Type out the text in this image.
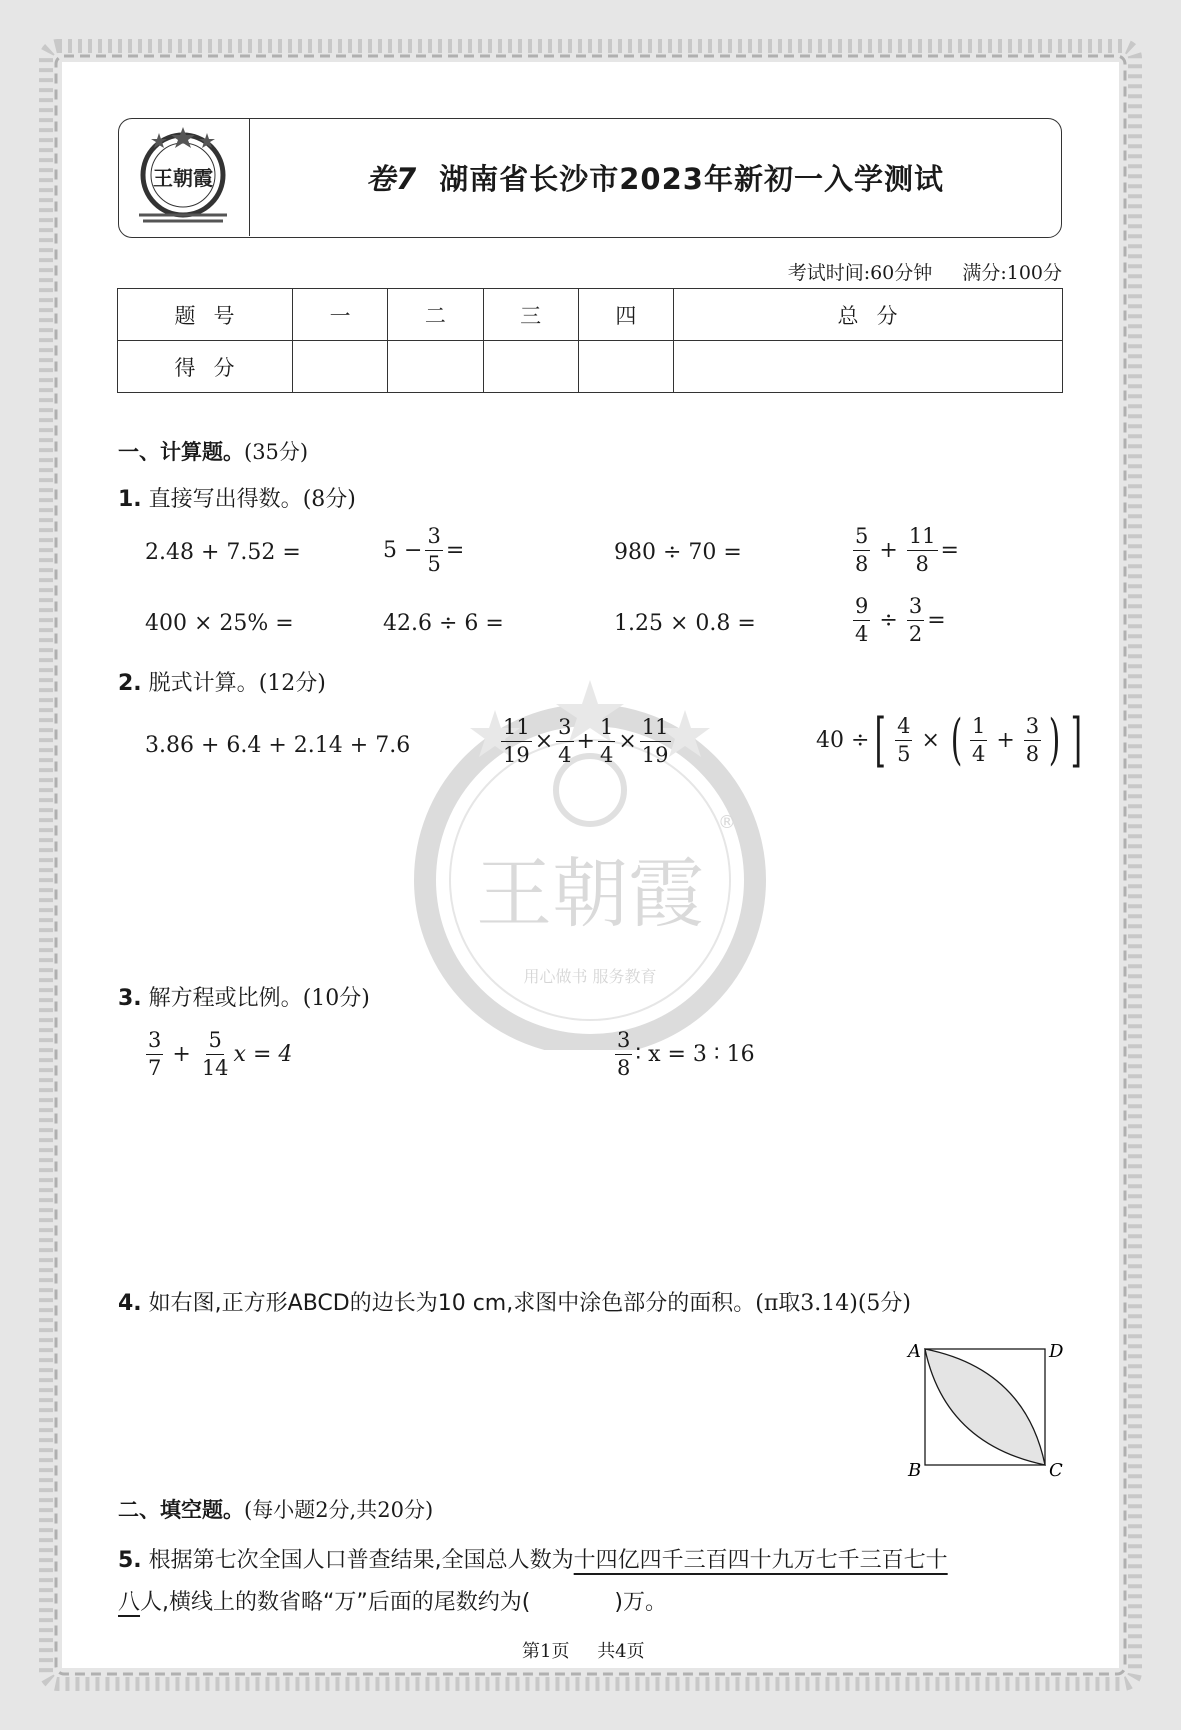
王朝霞
用心做书 服务教育
®
王朝霞	卷7 湖南省长沙市2023年新初一入学测试
考试时间:60分钟 满分:100分
题号	一	二	三	四	总分
得分					
一、计算题。(35分)
1. 直接写出得数。(8分)
2.48 + 7.52 =	$5 - \frac{3}{5}$ =	980 ÷ 70 =	$\frac{5}{8} + \frac{11}{8}$ =
400 × 25% =	42.6 ÷ 6 =	1.25 × 0.8 =	$\frac{9}{4} \div \frac{3}{2}$ =
2. 脱式计算。(12分)
3.86 + 6.4 + 2.14 + 7.6	$\frac{11}{19} \times \frac{3}{4} + \frac{1}{4} \times \frac{11}{19}$	40 ÷ [ $\frac{4}{5}$ × ( $\frac{1}{4} + \frac{3}{8}$ ) ]
3. 解方程或比例。(10分)
$\frac{3}{7} + \frac{5}{14}$ x = 4	$\frac{3}{8}$ ∶ x = 3 ∶ 16
4. 如右图,正方形ABCD的边长为10 cm,求图中涂色部分的面积。(π取3.14)(5分)
A	D
B	C
二、填空题。(每小题2分,共20分)
5. 根据第七次全国人口普查结果,全国总人数为十四亿四千三百四十九万七千三百七十
八人,横线上的数省略“万”后面的尾数约为(	)万。
第1页 共4页
